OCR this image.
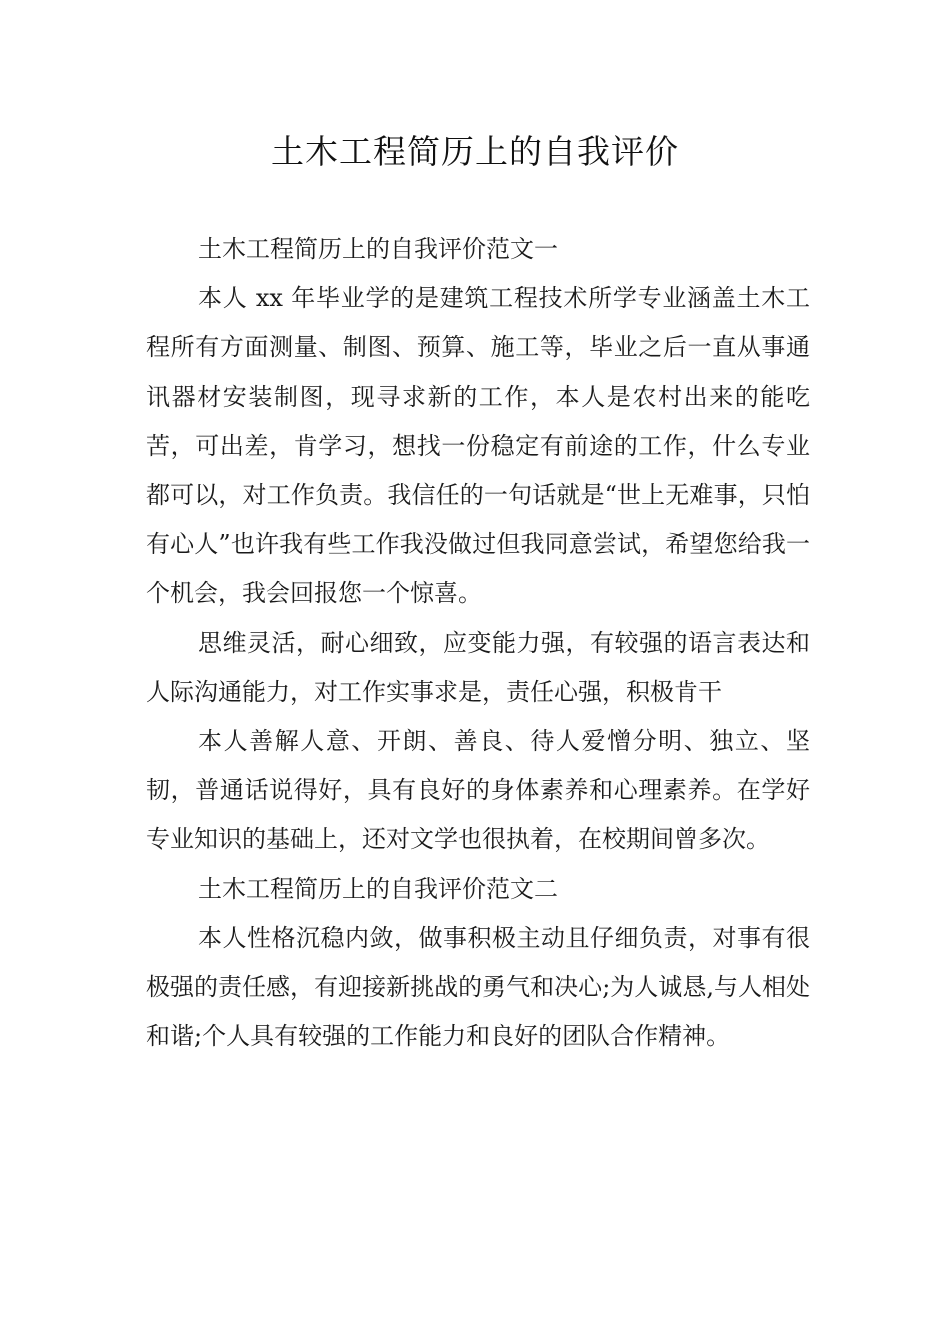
土木工程简历上的自我评价

土木工程简历上的自我评价范文一

本人 xx 年毕业学的是建筑工程技术所学专业涵盖土木工程所有方面测量、制图、预算、施工等，毕业之后一直从事通讯器材安装制图，现寻求新的工作，本人是农村出来的能吃苦，可出差，肯学习，想找一份稳定有前途的工作，什么专业都可以，对工作负责。我信任的一句话就是“世上无难事，只怕有心人”也许我有些工作我没做过但我同意尝试，希望您给我一个机会，我会回报您一个惊喜。

思维灵活，耐心细致，应变能力强，有较强的语言表达和人际沟通能力，对工作实事求是，责任心强，积极肯干

本人善解人意、开朗、善良、待人爱憎分明、独立、坚韧，普通话说得好，具有良好的身体素养和心理素养。在学好专业知识的基础上，还对文学也很执着，在校期间曾多次。

土木工程简历上的自我评价范文二

本人性格沉稳内敛，做事积极主动且仔细负责，对事有很极强的责任感，有迎接新挑战的勇气和决心;为人诚恳,与人相处和谐;个人具有较强的工作能力和良好的团队合作精神。
